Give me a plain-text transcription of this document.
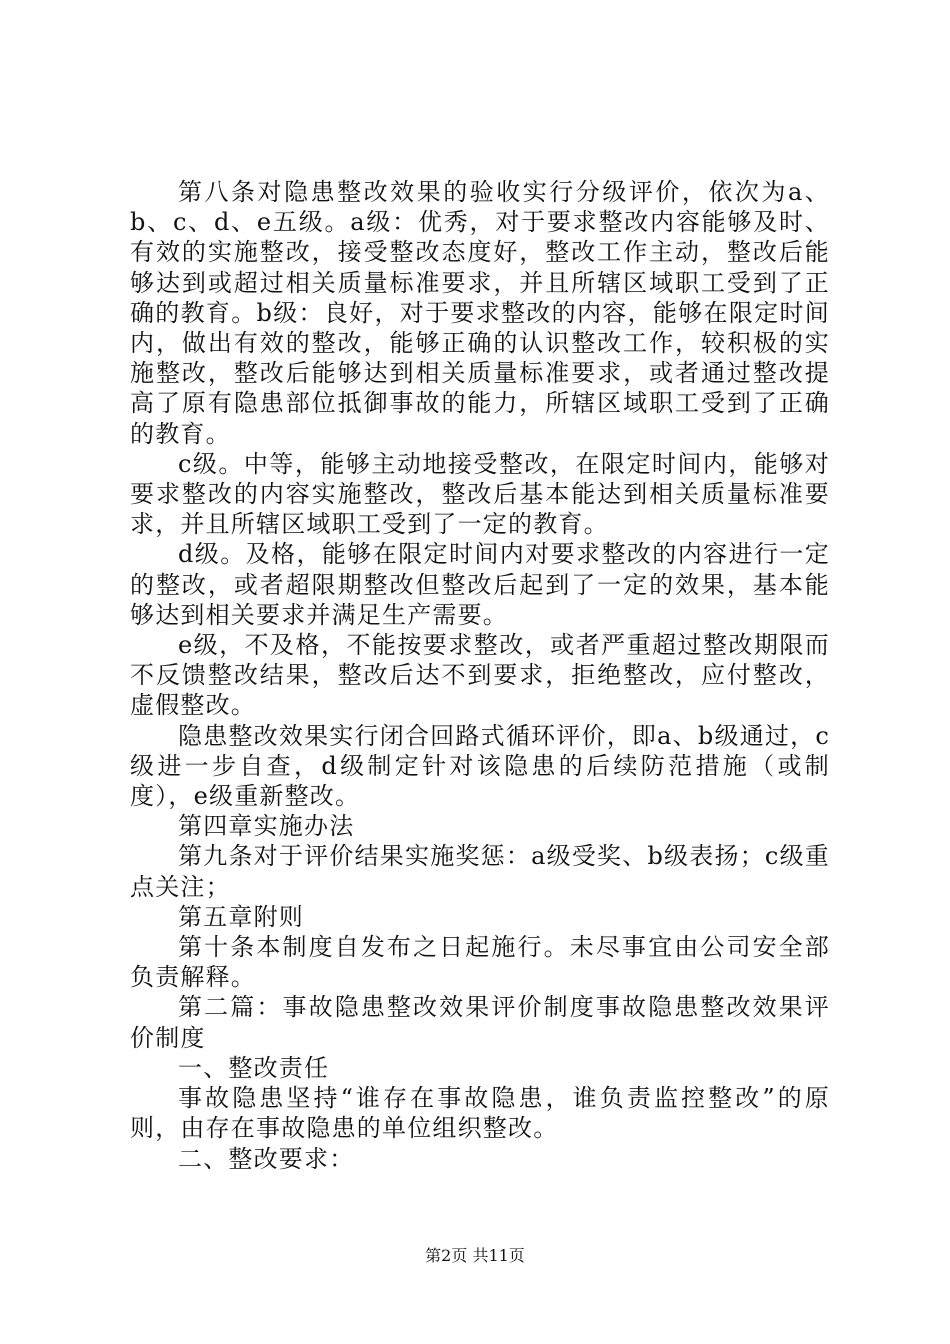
第八条对隐患整改效果的验收实行分级评价，依次为a、b、c、d、e五级。a级：优秀，对于要求整改内容能够及时、有效的实施整改，接受整改态度好，整改工作主动，整改后能够达到或超过相关质量标准要求，并且所辖区域职工受到了正确的教育。b级：良好，对于要求整改的内容，能够在限定时间内，做出有效的整改，能够正确的认识整改工作，较积极的实施整改，整改后能够达到相关质量标准要求，或者通过整改提高了原有隐患部位抵御事故的能力，所辖区域职工受到了正确的教育。

c级。中等，能够主动地接受整改，在限定时间内，能够对要求整改的内容实施整改，整改后基本能达到相关质量标准要求，并且所辖区域职工受到了一定的教育。

d级。及格，能够在限定时间内对要求整改的内容进行一定的整改，或者超限期整改但整改后起到了一定的效果，基本能够达到相关要求并满足生产需要。

e级，不及格，不能按要求整改，或者严重超过整改期限而不反馈整改结果，整改后达不到要求，拒绝整改，应付整改，虚假整改。

隐患整改效果实行闭合回路式循环评价，即a、b级通过，c级进一步自查，d级制定针对该隐患的后续防范措施（或制度），e级重新整改。

第四章实施办法

第九条对于评价结果实施奖惩：a级受奖、b级表扬；c级重点关注；

第五章附则

第十条本制度自发布之日起施行。未尽事宜由公司安全部负责解释。

第二篇：事故隐患整改效果评价制度事故隐患整改效果评价制度

一、整改责任

事故隐患坚持“谁存在事故隐患，谁负责监控整改”的原则，由存在事故隐患的单位组织整改。

二、整改要求：

第2页 共11页
